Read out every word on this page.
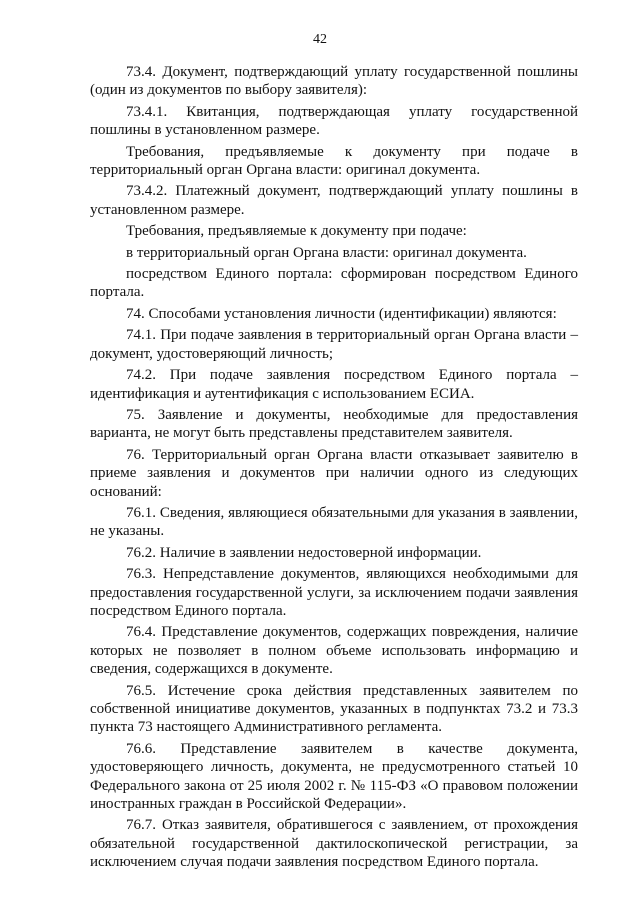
42

73.4. Документ, подтверждающий уплату государственной пошлины (один из документов по выбору заявителя):

73.4.1. Квитанция, подтверждающая уплату государственной пошлины в установленном размере.

Требования, предъявляемые к документу при подаче в территориальный орган Органа власти: оригинал документа.

73.4.2. Платежный документ, подтверждающий уплату пошлины в установленном размере.

Требования, предъявляемые к документу при подаче:

в территориальный орган Органа власти: оригинал документа.

посредством Единого портала: сформирован посредством Единого портала.

74. Способами установления личности (идентификации) являются:

74.1. При подаче заявления в территориальный орган Органа власти – документ, удостоверяющий личность;

74.2. При подаче заявления посредством Единого портала – идентификация и аутентификация с использованием ЕСИА.

75. Заявление и документы, необходимые для предоставления варианта, не могут быть представлены представителем заявителя.

76. Территориальный орган Органа власти отказывает заявителю в приеме заявления и документов при наличии одного из следующих оснований:

76.1. Сведения, являющиеся обязательными для указания в заявлении, не указаны.

76.2. Наличие в заявлении недостоверной информации.

76.3. Непредставление документов, являющихся необходимыми для предоставления государственной услуги, за исключением подачи заявления посредством Единого портала.

76.4. Представление документов, содержащих повреждения, наличие которых не позволяет в полном объеме использовать информацию и сведения, содержащихся в документе.

76.5. Истечение срока действия представленных заявителем по собственной инициативе документов, указанных в подпунктах 73.2 и 73.3 пункта 73 настоящего Административного регламента.

76.6. Представление заявителем в качестве документа, удостоверяющего личность, документа, не предусмотренного статьей 10 Федерального закона от 25 июля 2002 г. № 115-ФЗ «О правовом положении иностранных граждан в Российской Федерации».

76.7. Отказ заявителя, обратившегося с заявлением, от прохождения обязательной государственной дактилоскопической регистрации, за исключением случая подачи заявления посредством Единого портала.
